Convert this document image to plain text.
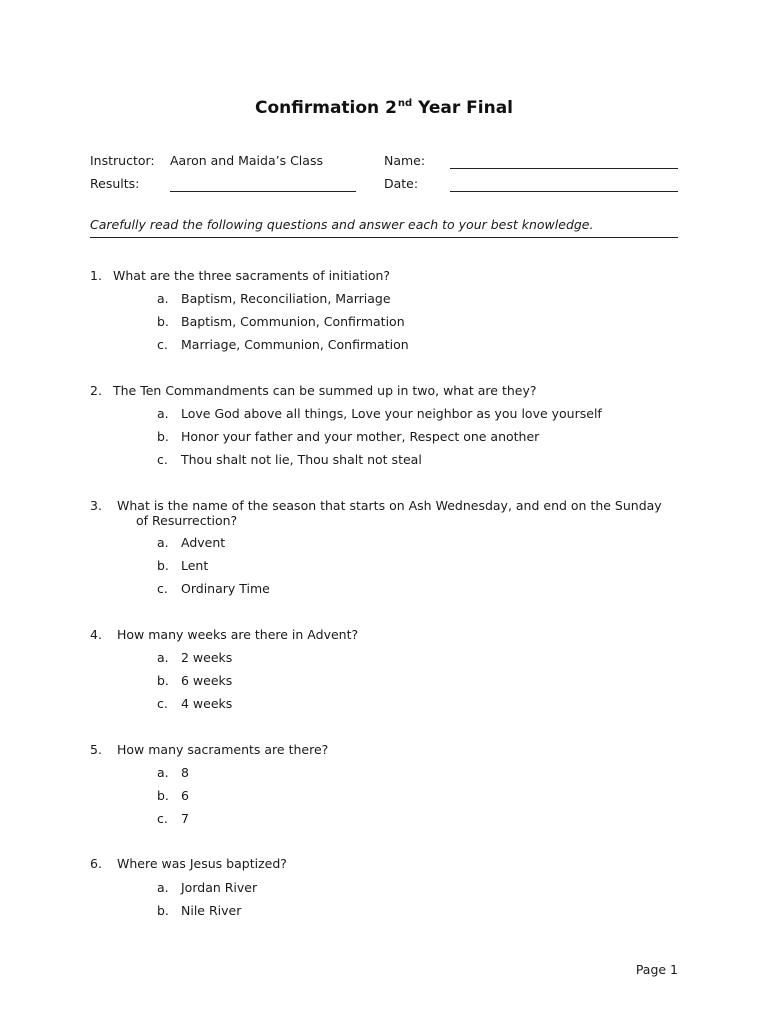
Confirmation 2nd Year Final
Instructor: Aaron and Maida’s Class	Name:
Results:	Date:
Carefully read the following questions and answer each to your best knowledge.
1. What are the three sacraments of initiation?
a. Baptism, Reconciliation, Marriage
b. Baptism, Communion, Confirmation
c. Marriage, Communion, Confirmation
2. The Ten Commandments can be summed up in two, what are they?
a. Love God above all things, Love your neighbor as you love yourself
b. Honor your father and your mother, Respect one another
c. Thou shalt not lie, Thou shalt not steal
3. What is the name of the season that starts on Ash Wednesday, and end on the Sunday
of Resurrection?
a. Advent
b. Lent
c. Ordinary Time
4. How many weeks are there in Advent?
a. 2 weeks
b. 6 weeks
c. 4 weeks
5. How many sacraments are there?
a. 8
b. 6
c. 7
6. Where was Jesus baptized?
a. Jordan River
b. Nile River
Page 1
